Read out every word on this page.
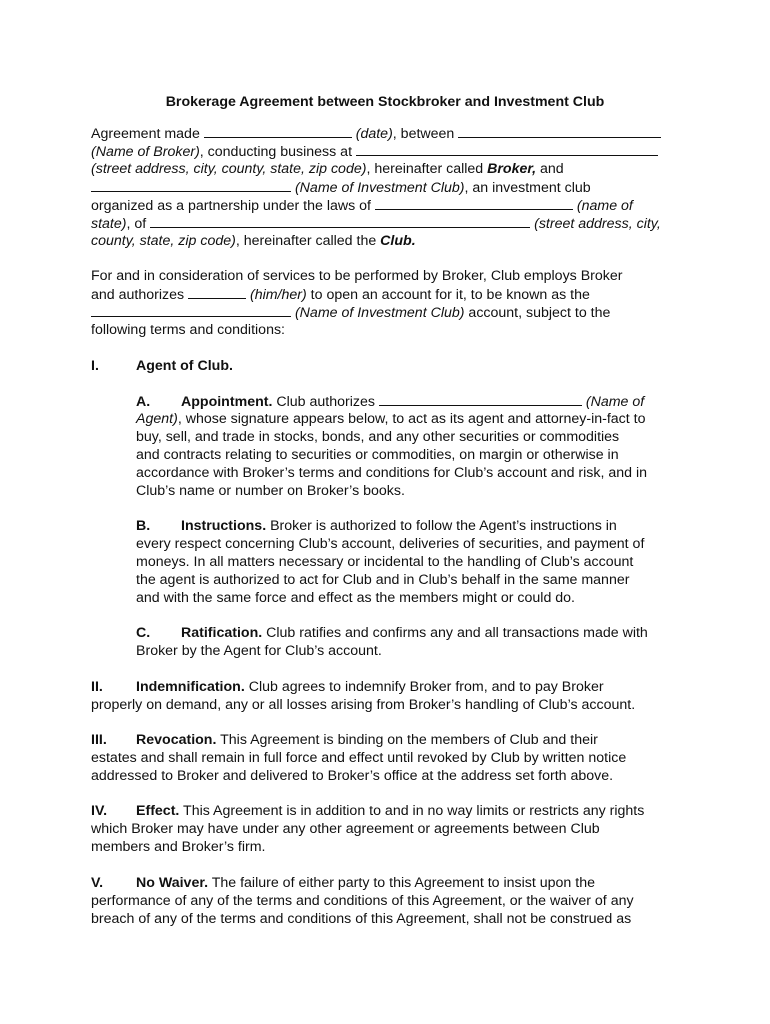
Brokerage Agreement between Stockbroker and Investment Club
Agreement made	(date), between
(Name of Broker), conducting business at
(street address, city, county, state, zip code), hereinafter called Broker, and
(Name of Investment Club), an investment club
organized as a partnership under the laws of	(name of
state), of	(street address, city,
county, state, zip code), hereinafter called the Club.
For and in consideration of services to be performed by Broker, Club employs Broker
and authorizes	(him/her) to open an account for it, to be known as the
(Name of Investment Club) account, subject to the
following terms and conditions:
I.	Agent of Club.
A. Appointment. Club authorizes	(Name of
Agent), whose signature appears below, to act as its agent and attorney-in-fact to
buy, sell, and trade in stocks, bonds, and any other securities or commodities
and contracts relating to securities or commodities, on margin or otherwise in
accordance with Broker’s terms and conditions for Club’s account and risk, and in
Club’s name or number on Broker’s books.
B. Instructions. Broker is authorized to follow the Agent’s instructions in
every respect concerning Club’s account, deliveries of securities, and payment of
moneys. In all matters necessary or incidental to the handling of Club’s account
the agent is authorized to act for Club and in Club’s behalf in the same manner
and with the same force and effect as the members might or could do.
C. Ratification. Club ratifies and confirms any and all transactions made with
Broker by the Agent for Club’s account.
II. Indemnification. Club agrees to indemnify Broker from, and to pay Broker
properly on demand, any or all losses arising from Broker’s handling of Club’s account.
III. Revocation. This Agreement is binding on the members of Club and their
estates and shall remain in full force and effect until revoked by Club by written notice
addressed to Broker and delivered to Broker’s office at the address set forth above.
IV. Effect. This Agreement is in addition to and in no way limits or restricts any rights
which Broker may have under any other agreement or agreements between Club
members and Broker’s firm.
V. No Waiver. The failure of either party to this Agreement to insist upon the
performance of any of the terms and conditions of this Agreement, or the waiver of any
breach of any of the terms and conditions of this Agreement, shall not be construed as
